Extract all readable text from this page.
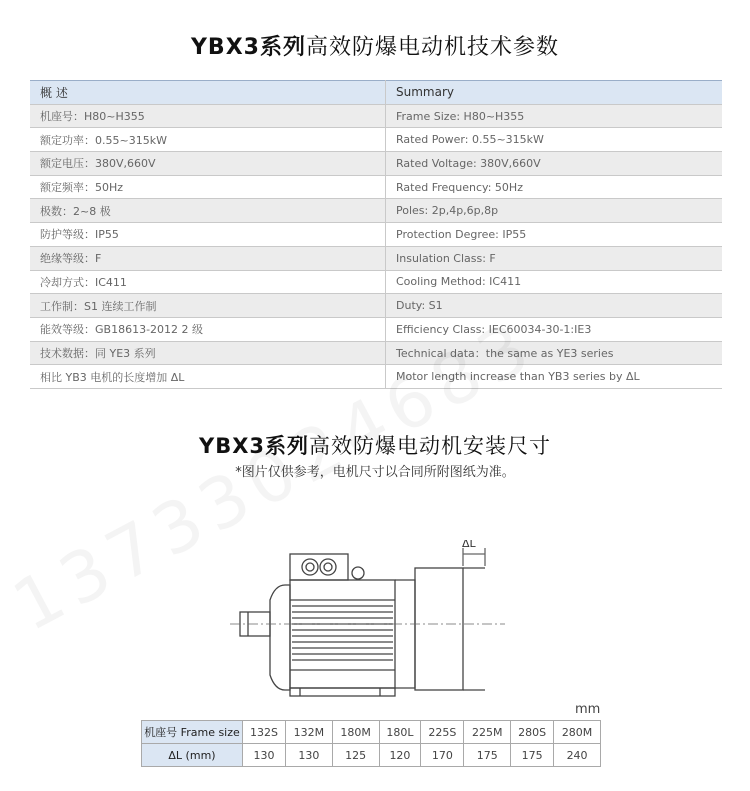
YBX3系列高效防爆电动机技术参数
概 述	Summary
机座号：H80~H355	Frame Size: H80~H355
额定功率：0.55~315kW	Rated Power: 0.55~315kW
额定电压：380V,660V	Rated Voltage: 380V,660V
额定频率：50Hz	Rated Frequency: 50Hz
极数：2~8 极	Poles: 2p,4p,6p,8p
防护等级：IP55	Protection Degree: IP55
绝缘等级：F	Insulation Class: F
冷却方式：IC411	Cooling Method: IC411
工作制：S1 连续工作制	Duty: S1
能效等级：GB18613-2012 2 级	Efficiency Class: IEC60034-30-1:IE3
技术数据：同 YE3 系列	Technical data：the same as YE3 series
相比 YB3 电机的长度增加 ΔL	Motor length increase than YB3 series by ΔL
YBX3系列高效防爆电动机安装尺寸
*图片仅供参考，电机尺寸以合同所附图纸为准。
ΔL
mm
机座号 Frame size	132S	132M	180M	180L	225S	225M	280S	280M
ΔL (mm)	130	130	125	120	170	175	175	240
